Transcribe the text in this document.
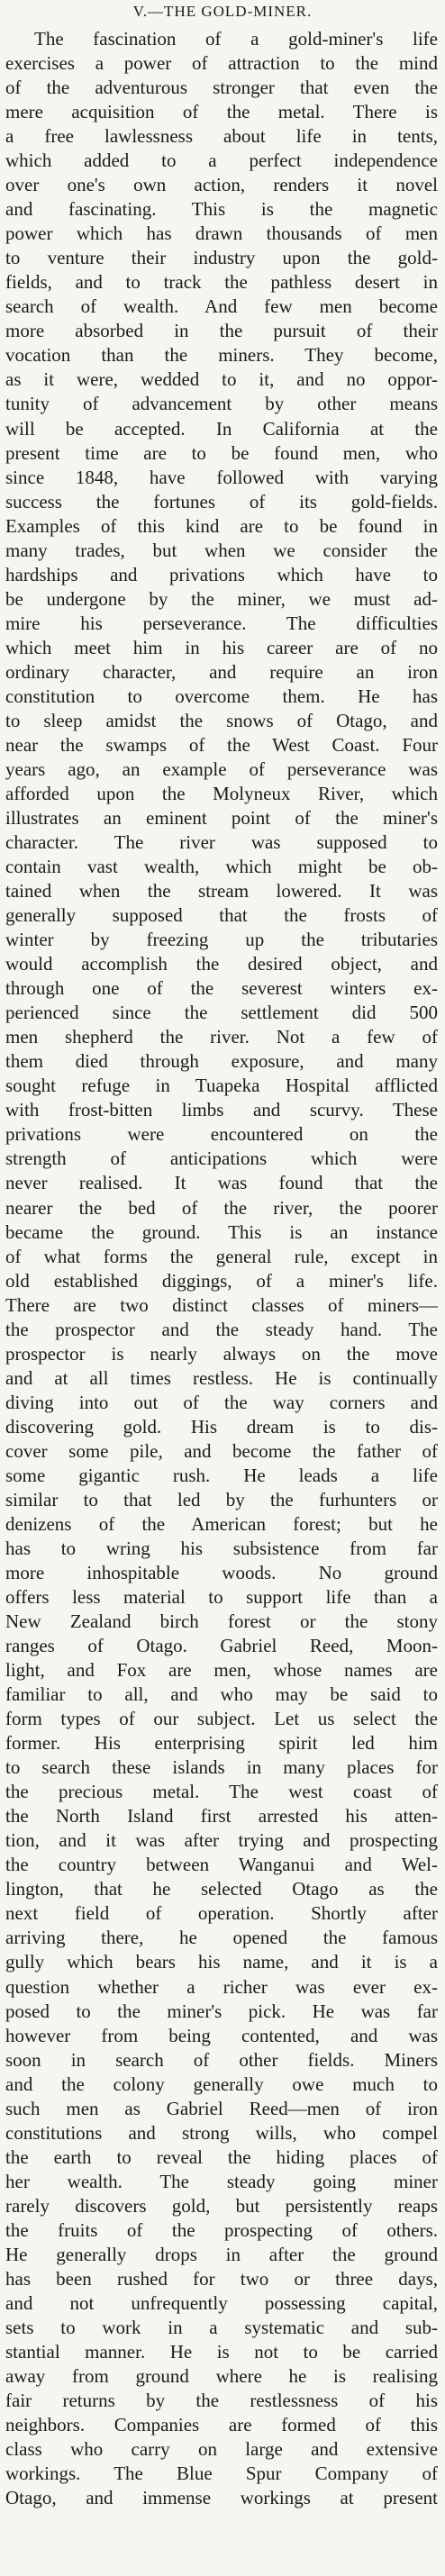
V.—THE GOLD-MINER.
The fascination of a gold-miner's life
exercises a power of attraction to the mind
of the adventurous stronger that even the
mere acquisition of the metal. There is
a free lawlessness about life in tents,
which added to a perfect independence
over one's own action, renders it novel
and fascinating. This is the magnetic
power which has drawn thousands of men
to venture their industry upon the gold-
fields, and to track the pathless desert in
search of wealth. And few men become
more absorbed in the pursuit of their
vocation than the miners. They become,
as it were, wedded to it, and no oppor-
tunity of advancement by other means
will be accepted. In California at the
present time are to be found men, who
since 1848, have followed with varying
success the fortunes of its gold-fields.
Examples of this kind are to be found in
many trades, but when we consider the
hardships and privations which have to
be undergone by the miner, we must ad-
mire his perseverance. The difficulties
which meet him in his career are of no
ordinary character, and require an iron
constitution to overcome them. He has
to sleep amidst the snows of Otago, and
near the swamps of the West Coast. Four
years ago, an example of perseverance was
afforded upon the Molyneux River, which
illustrates an eminent point of the miner's
character. The river was supposed to
contain vast wealth, which might be ob-
tained when the stream lowered. It was
generally supposed that the frosts of
winter by freezing up the tributaries
would accomplish the desired object, and
through one of the severest winters ex-
perienced since the settlement did 500
men shepherd the river. Not a few of
them died through exposure, and many
sought refuge in Tuapeka Hospital afflicted
with frost-bitten limbs and scurvy. These
privations were encountered on the
strength of anticipations which were
never realised. It was found that the
nearer the bed of the river, the poorer
became the ground. This is an instance
of what forms the general rule, except in
old established diggings, of a miner's life.
There are two distinct classes of miners—
the prospector and the steady hand. The
prospector is nearly always on the move
and at all times restless. He is continually
diving into out of the way corners and
discovering gold. His dream is to dis-
cover some pile, and become the father of
some gigantic rush. He leads a life
similar to that led by the furhunters or
denizens of the American forest; but he
has to wring his subsistence from far
more inhospitable woods. No ground
offers less material to support life than a
New Zealand birch forest or the stony
ranges of Otago. Gabriel Reed, Moon-
light, and Fox are men, whose names are
familiar to all, and who may be said to
form types of our subject. Let us select the
former. His enterprising spirit led him
to search these islands in many places for
the precious metal. The west coast of
the North Island first arrested his atten-
tion, and it was after trying and prospecting
the country between Wanganui and Wel-
lington, that he selected Otago as the
next field of operation. Shortly after
arriving there, he opened the famous
gully which bears his name, and it is a
question whether a richer was ever ex-
posed to the miner's pick. He was far
however from being contented, and was
soon in search of other fields. Miners
and the colony generally owe much to
such men as Gabriel Reed—men of iron
constitutions and strong wills, who compel
the earth to reveal the hiding places of
her wealth. The steady going miner
rarely discovers gold, but persistently reaps
the fruits of the prospecting of others.
He generally drops in after the ground
has been rushed for two or three days,
and not unfrequently possessing capital,
sets to work in a systematic and sub-
stantial manner. He is not to be carried
away from ground where he is realising
fair returns by the restlessness of his
neighbors. Companies are formed of this
class who carry on large and extensive
workings. The Blue Spur Company of
Otago, and immense workings at present
